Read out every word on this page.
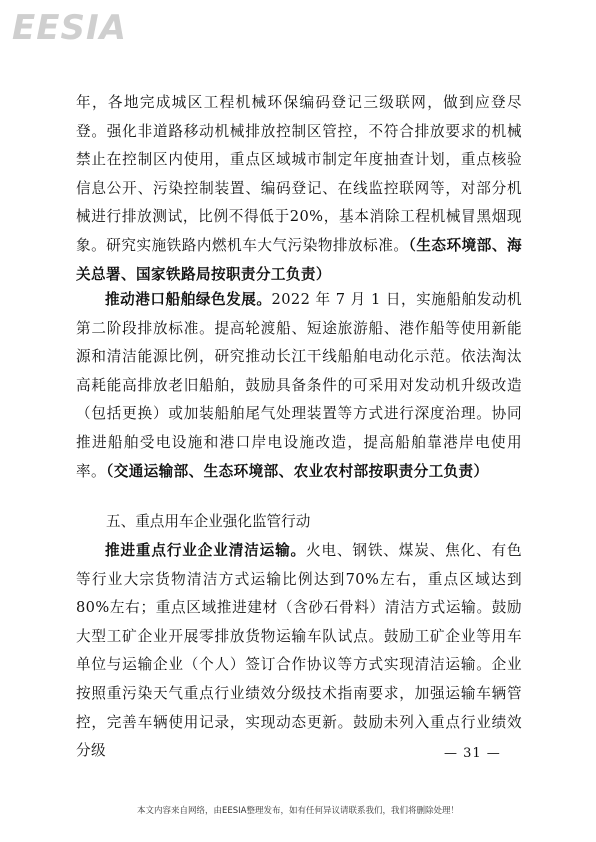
EESIA
年，各地完成城区工程机械环保编码登记三级联网，做到应登尽登。强化非道路移动机械排放控制区管控，不符合排放要求的机械禁止在控制区内使用，重点区域城市制定年度抽查计划，重点核验信息公开、污染控制装置、编码登记、在线监控联网等，对部分机械进行排放测试，比例不得低于20%，基本消除工程机械冒黑烟现象。研究实施铁路内燃机车大气污染物排放标准。（生态环境部、海关总署、国家铁路局按职责分工负责）
推动港口船舶绿色发展。2022 年 7 月 1 日，实施船舶发动机第二阶段排放标准。提高轮渡船、短途旅游船、港作船等使用新能源和清洁能源比例，研究推动长江干线船舶电动化示范。依法淘汰高耗能高排放老旧船舶，鼓励具备条件的可采用对发动机升级改造（包括更换）或加装船舶尾气处理装置等方式进行深度治理。协同推进船舶受电设施和港口岸电设施改造，提高船舶靠港岸电使用率。（交通运输部、生态环境部、农业农村部按职责分工负责）
五、重点用车企业强化监管行动
推进重点行业企业清洁运输。火电、钢铁、煤炭、焦化、有色等行业大宗货物清洁方式运输比例达到70%左右，重点区域达到80%左右；重点区域推进建材（含砂石骨料）清洁方式运输。鼓励大型工矿企业开展零排放货物运输车队试点。鼓励工矿企业等用车单位与运输企业（个人）签订合作协议等方式实现清洁运输。企业按照重污染天气重点行业绩效分级技术指南要求，加强运输车辆管控，完善车辆使用记录，实现动态更新。鼓励未列入重点行业绩效分级	— 31 —
本文内容来自网络，由EESIA整理发布，如有任何异议请联系我们，我们将删除处理！
